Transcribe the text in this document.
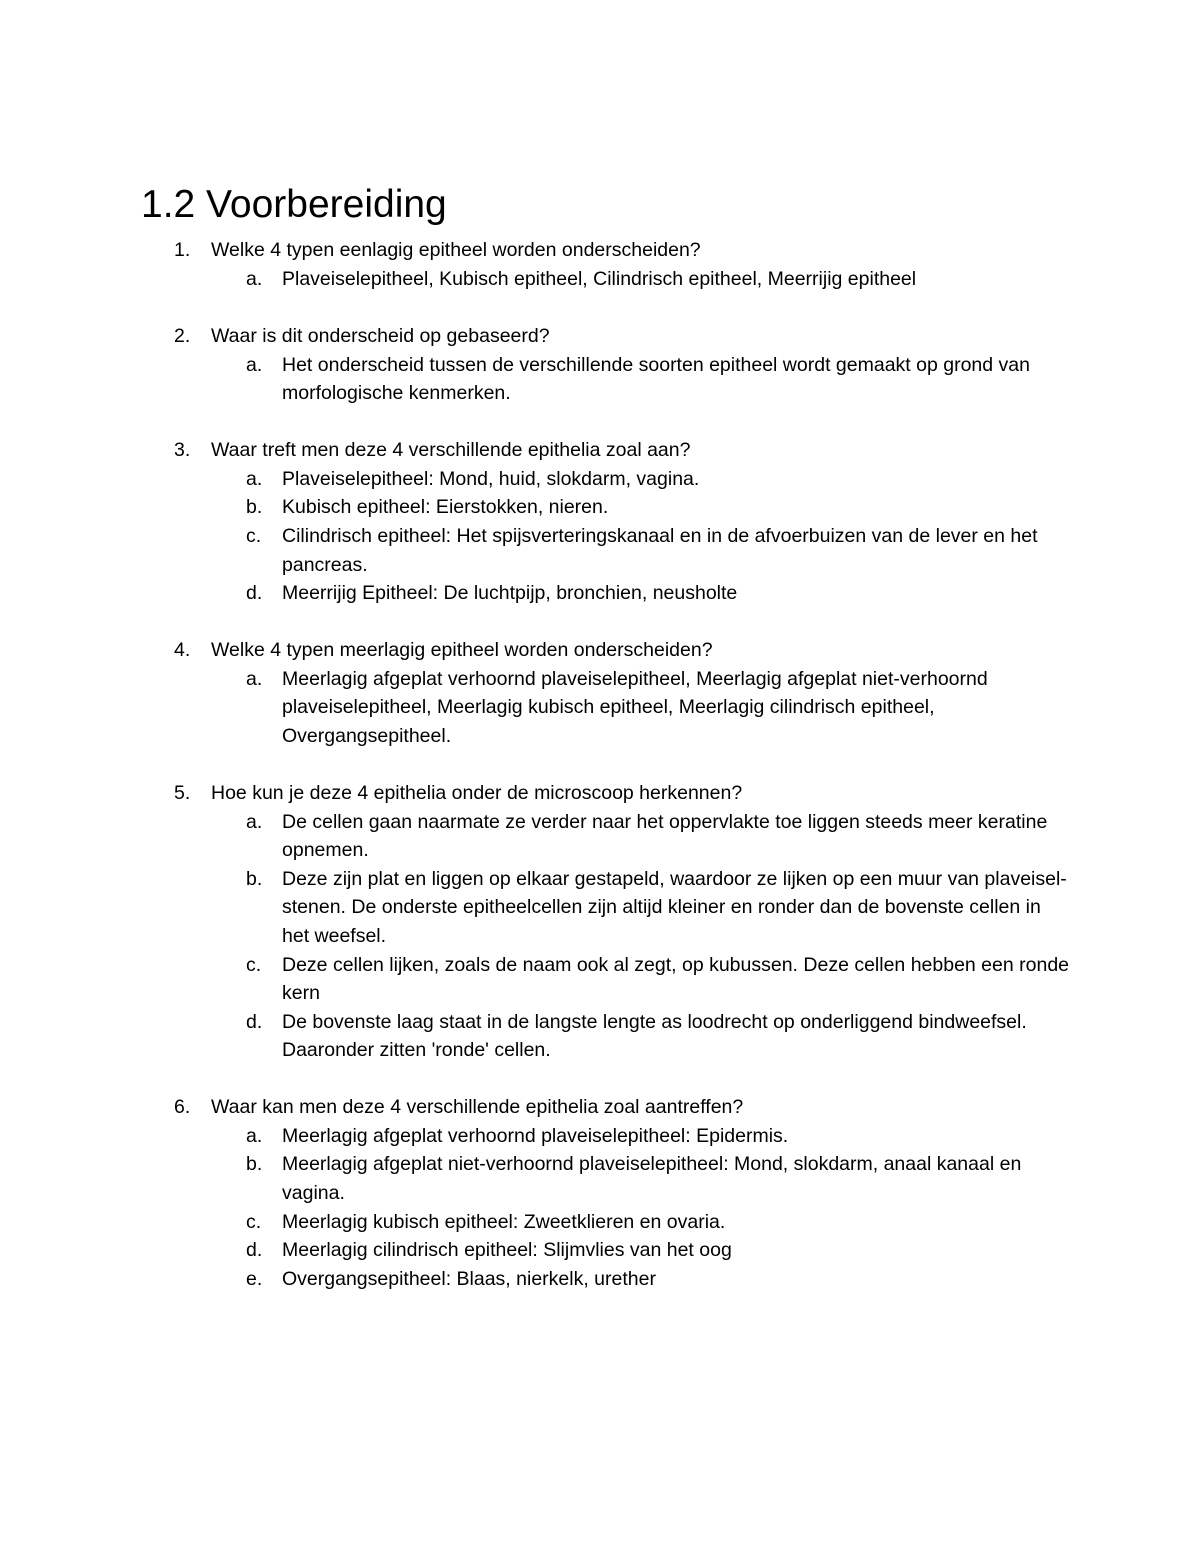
1.2 Voorbereiding
1. Welke 4 typen eenlagig epitheel worden onderscheiden?
a. Plaveiselepitheel, Kubisch epitheel, Cilindrisch epitheel, Meerrijig epitheel
2. Waar is dit onderscheid op gebaseerd?
a. Het onderscheid tussen de verschillende soorten epitheel wordt gemaakt op grond van morfologische kenmerken.
3. Waar treft men deze 4 verschillende epithelia zoal aan?
a. Plaveiselepitheel: Mond, huid, slokdarm, vagina.
b. Kubisch epitheel: Eierstokken, nieren.
c. Cilindrisch epitheel: Het spijsverteringskanaal en in de afvoerbuizen van de lever en het pancreas.
d. Meerrijig Epitheel: De luchtpijp, bronchien, neusholte
4. Welke 4 typen meerlagig epitheel worden onderscheiden?
a. Meerlagig afgeplat verhoornd plaveiselepitheel, Meerlagig afgeplat niet-verhoornd plaveiselepitheel, Meerlagig kubisch epitheel, Meerlagig cilindrisch epitheel, Overgangsepitheel.
5. Hoe kun je deze 4 epithelia onder de microscoop herkennen?
a. De cellen gaan naarmate ze verder naar het oppervlakte toe liggen steeds meer keratine opnemen.
b. Deze zijn plat en liggen op elkaar gestapeld, waardoor ze lijken op een muur van plaveisel-stenen. De onderste epitheelcellen zijn altijd kleiner en ronder dan de bovenste cellen in het weefsel.
c. Deze cellen lijken, zoals de naam ook al zegt, op kubussen. Deze cellen hebben een ronde kern
d. De bovenste laag staat in de langste lengte as loodrecht op onderliggend bindweefsel. Daaronder zitten 'ronde' cellen.
6. Waar kan men deze 4 verschillende epithelia zoal aantreffen?
a. Meerlagig afgeplat verhoornd plaveiselepitheel: Epidermis.
b. Meerlagig afgeplat niet-verhoornd plaveiselepitheel: Mond, slokdarm, anaal kanaal en vagina.
c. Meerlagig kubisch epitheel: Zweetklieren en ovaria.
d. Meerlagig cilindrisch epitheel: Slijmvlies van het oog
e. Overgangsepitheel: Blaas, nierkelk, urether
